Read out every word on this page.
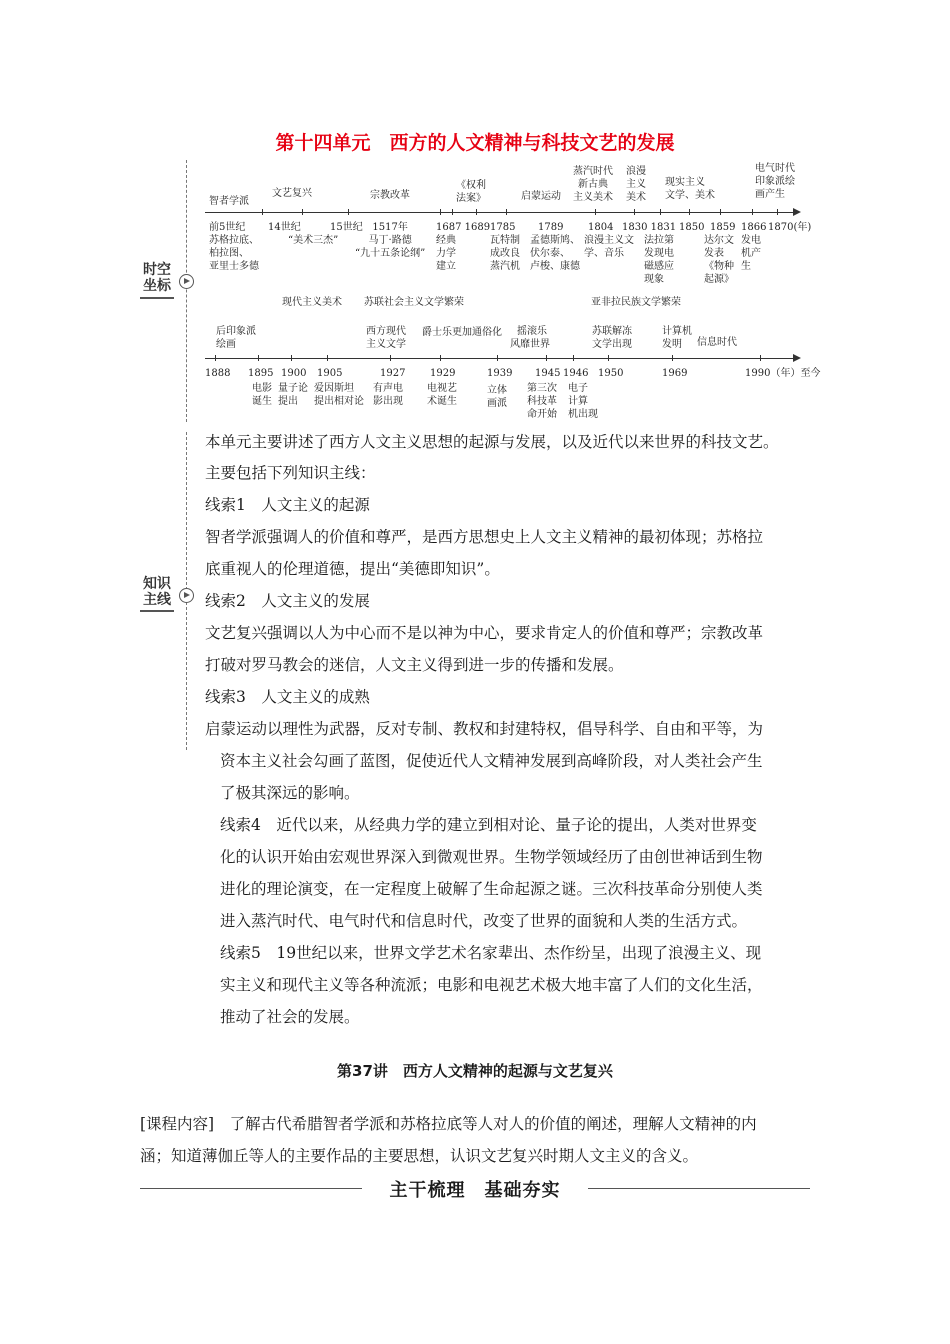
第十四单元　西方的人文精神与科技文艺的发展
时空
坐标
知识
主线
智者学派
文艺复兴	宗教改革
《权利
法案》	启蒙运动
蒸汽时代
新古典
主义美术
浪漫
主义
美术
现实主义
文学、美术
电气时代
印象派绘
画产生
前5世纪
苏格拉底、
柏拉图、
亚里士多德
14世纪	15世纪
“美术三杰”
1517年
马丁·路德
“九十五条论纲”
1687 1689
经典
力学
建立
1785
瓦特制
成改良
蒸汽机
1789
孟德斯鸠、
伏尔泰、
卢梭、康德
1804
浪漫主义文
学、音乐
1830 1831
法拉第
发现电
磁感应
现象
1850 1859
达尔文
发表
《物种
起源》
1866
发电
机产
生
1870(年)
现代主义美术 苏联社会主义文学繁荣	亚非拉民族文学繁荣
后印象派
绘画
西方现代
主义文学
爵士乐更加通俗化	摇滚乐
风靡世界
苏联解冻
文学出现
计算机
发明	信息时代
1888 1895 1900 1905	1927 1929	1939 1945 1946 1950	1969	1990（年）至今
电影
诞生
量子论
提出
爱因斯坦
提出相对论
有声电
影出现
电视艺
术诞生
立体
画派
第三次
科技革
命开始
电子
计算
机出现
本单元主要讲述了西方人文主义思想的起源与发展，以及近代以来世界的科技文艺。
主要包括下列知识主线：
线索1　人文主义的起源
智者学派强调人的价值和尊严，是西方思想史上人文主义精神的最初体现；苏格拉
底重视人的伦理道德，提出“美德即知识”。
线索2　人文主义的发展
文艺复兴强调以人为中心而不是以神为中心，要求肯定人的价值和尊严；宗教改革
打破对罗马教会的迷信，人文主义得到进一步的传播和发展。
线索3　人文主义的成熟
启蒙运动以理性为武器，反对专制、教权和封建特权，倡导科学、自由和平等，为
资本主义社会勾画了蓝图，促使近代人文精神发展到高峰阶段，对人类社会产生
了极其深远的影响。
线索4　近代以来，从经典力学的建立到相对论、量子论的提出，人类对世界变
化的认识开始由宏观世界深入到微观世界。生物学领域经历了由创世神话到生物
进化的理论演变，在一定程度上破解了生命起源之谜。三次科技革命分别使人类
进入蒸汽时代、电气时代和信息时代，改变了世界的面貌和人类的生活方式。
线索5　19世纪以来，世界文学艺术名家辈出、杰作纷呈，出现了浪漫主义、现
实主义和现代主义等各种流派；电影和电视艺术极大地丰富了人们的文化生活，
推动了社会的发展。
第37讲　西方人文精神的起源与文艺复兴
[课程内容]　了解古代希腊智者学派和苏格拉底等人对人的价值的阐述，理解人文精神的内
涵；知道薄伽丘等人的主要作品的主要思想，认识文艺复兴时期人文主义的含义。
主干梳理　基础夯实
